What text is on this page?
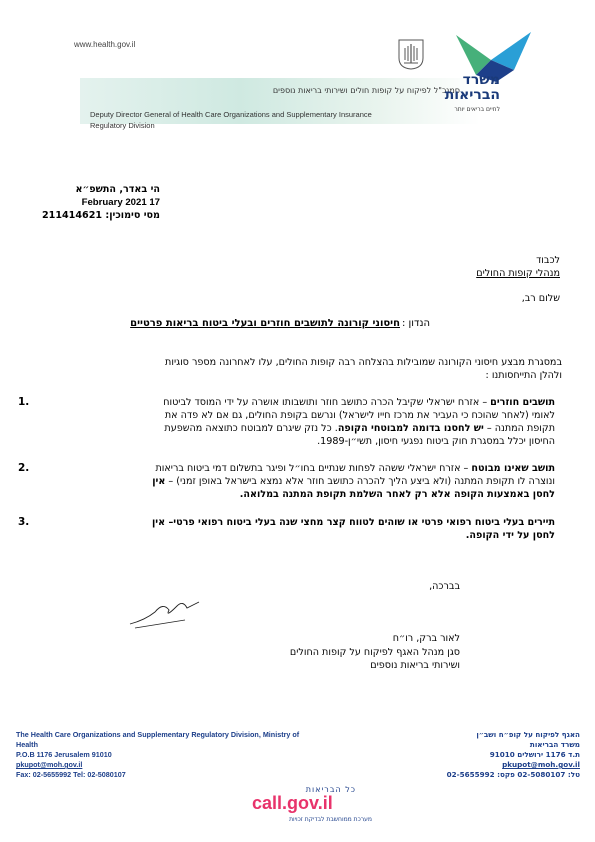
www.health.gov.il
סמנכ"ל לפיקוח על קופות חולים ושירותי בריאות נוספים
Deputy Director General of Health Care Organizations and Supplementary Insurance
Regulatory Division
משרד
הבריאות
לחיים בריאים יותר
הי באדר, התשפ״א
February 2021 17
מסי סימוכין: 211414621
לכבוד
מנהלי קופות החולים
שלום רב,
הנדון :
חיסוני קורונה לתושבים חוזרים ובעלי ביטוח בריאות פרטיים
במסגרת מבצע חיסוני הקורונה שמובילות בהצלחה רבה קופות החולים, עלו לאחרונה מספר סוגיות
ולהלן התייחסותנו :
1.	תושבים חוזרים – אזרח ישראלי שקיבל הכרה כתושב חוזר ותושבותו אושרה על ידי המוסד לביטוח
לאומי (לאחר שהוכח כי העביר את מרכז חייו לישראל) ונרשם בקופת החולים, גם אם לא פדה את
תקופת המתנה – יש לחסנו בדומה למבוטחי הקופה. כל נזק שיגרם למבוטח כתוצאה מהשפעת
החיסון יכלל במסגרת חוק ביטוח נפגעי חיסון, תשי״ן-1989.
2.	תושב שאינו מבוטח – אזרח ישראלי ששהה לפחות שנתיים בחו״ל ופיגר בתשלום דמי ביטוח בריאות
ונוצרה לו תקופת המתנה (ולא ביצע הליך להכרה כתושב חוזר אלא נמצא בישראל באופן זמני) – אין
לחסן באמצעות הקופה אלא רק לאחר השלמת תקופת המתנה במלואה.
3.	תיירים בעלי ביטוח רפואי פרטי או שוהים לטווח קצר מחצי שנה בעלי ביטוח רפואי פרטי– אין
לחסן על ידי הקופה.
בברכה,
לאור ברק, רו״ח
סגן מנהל האגף לפיקוח על קופות החולים
ושירותי בריאות נוספים
The Health Care Organizations and Supplementary Regulatory Division, Ministry of
Health
P.O.B 1176 Jerusalem 91010
pkupot@moh.gov.il
Fax: 02-5655992 Tel: 02-5080107
האגף לפיקוח על קופ״ח ושב״ן
משרד הבריאות
ת.ד 1176 ירושלים 91010
pkupot@moh.gov.il
טל: 02-5080107 פקס: 02-5655992
כל הבריאות
call.gov.il
מערכת ממוחשבת לבדיקת זכויות
